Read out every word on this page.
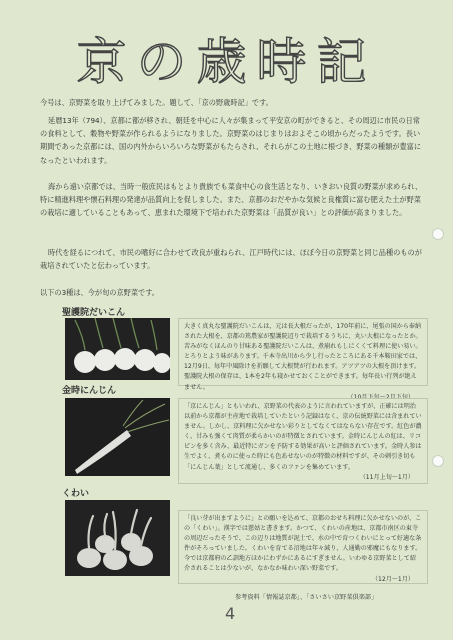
京の歳時記

今号は、京野菜を取り上げてみました。題して、「京の野歳時記」です。

延暦13年（794）、京都に都が移され、朝廷を中心に人々が集まって平安京の町ができると、その周辺に市民の日常の食料として、穀物や野菜が作られるようになりました。京野菜のはじまりはおよそこの頃からだったようです。長い期間であった京都には、国の内外からいろいろな野菜がもたらされ、それらがこの土地に根づき、野菜の種類が豊富になったといわれます。

海から遠い京都では、当時一般庶民はもとより貴族でも菜食中心の食生活となり、いきおい良質の野菜が求められ、特に精進料理や懐石料理の発達が品質向上を促しました。また、京都のおだやかな気候と良権質に富む肥えた土が野菜の栽培に適していることもあって、恵まれた環境下で培われた京野菜は「品質が良い」との評価が高まりました。

時代を経るにつれて、市民の嗜好に合わせて改良が重ねられ、江戸時代には、ほぼ今日の京野菜と同じ品種のものが栽培されていたと伝わっています。

以下の3種は、今が旬の京野菜です。

聖護院だいこん
大きく真丸な聖護院だいこんは、元は長大根だったが、170年前に、尾張の国から奉納された大根を、京都の篤農家が聖護院辺りで栽培するうちに、丸い大根になったとか。苦みがなくほんのり甘味ある聖護院だいこんは、煮崩れもしにくくて料理に使い易い。とろりとよう味があります。千本寺出川から少し行ったところにある千本鞍田家では、12月9日、毎年中風除けを祈願して大根焚が行われます。アツアツの大根を頂けます。聖護院大根の保存は、1本を2年も寝かせておくことができます。毎年長い行列が絶えません。
金時にんじん
「京にんじん」ともいわれ、京野菜の代表のように言われていますが、正確には明治以前から京都が主産地で栽培していたという記録はなく、京の伝統野菜には含まれていません。しかし、京料理に欠かせない彩りとしてなくてはならない存在です。紅色が濃く、甘みも強くて肉質が柔らかいのが特徴とされています。金時にんじんの紅は、リコピンを多く含み、最近特にガンを予防する効果が高いと評価されています。金時人参は生でよく、煮ものに使った時にも色あせないのが特徴の材料ですが、その刺引き切も「にんじん葉」として流通し、多くのファンを集めています。
（11月上旬〜1月）
くわい
「良い芽が出ますように」との願いを込めて、京都のおせち料理に欠かせないのが、この「くわい」。漢字では慈姑と書きます。かつて、くわいの産地は、京都市南区の東寺の周辺だったそうで、この辺りは地質が泥土で、水の中で育つくわいにとって好適な条件がそろっていました。くわいを育てる沼地は年々減り、人通勤の邪魔にもなります。今では京都府の乙訓地方ほかにわずかにあるにすぎません。いわゆる京野菜として紹介されることは少ないが、なかなか味わい深い野菜です。
（12月〜1月）
参考資料「情報誌京都」、「さいさい京野菜倶楽部」
4
